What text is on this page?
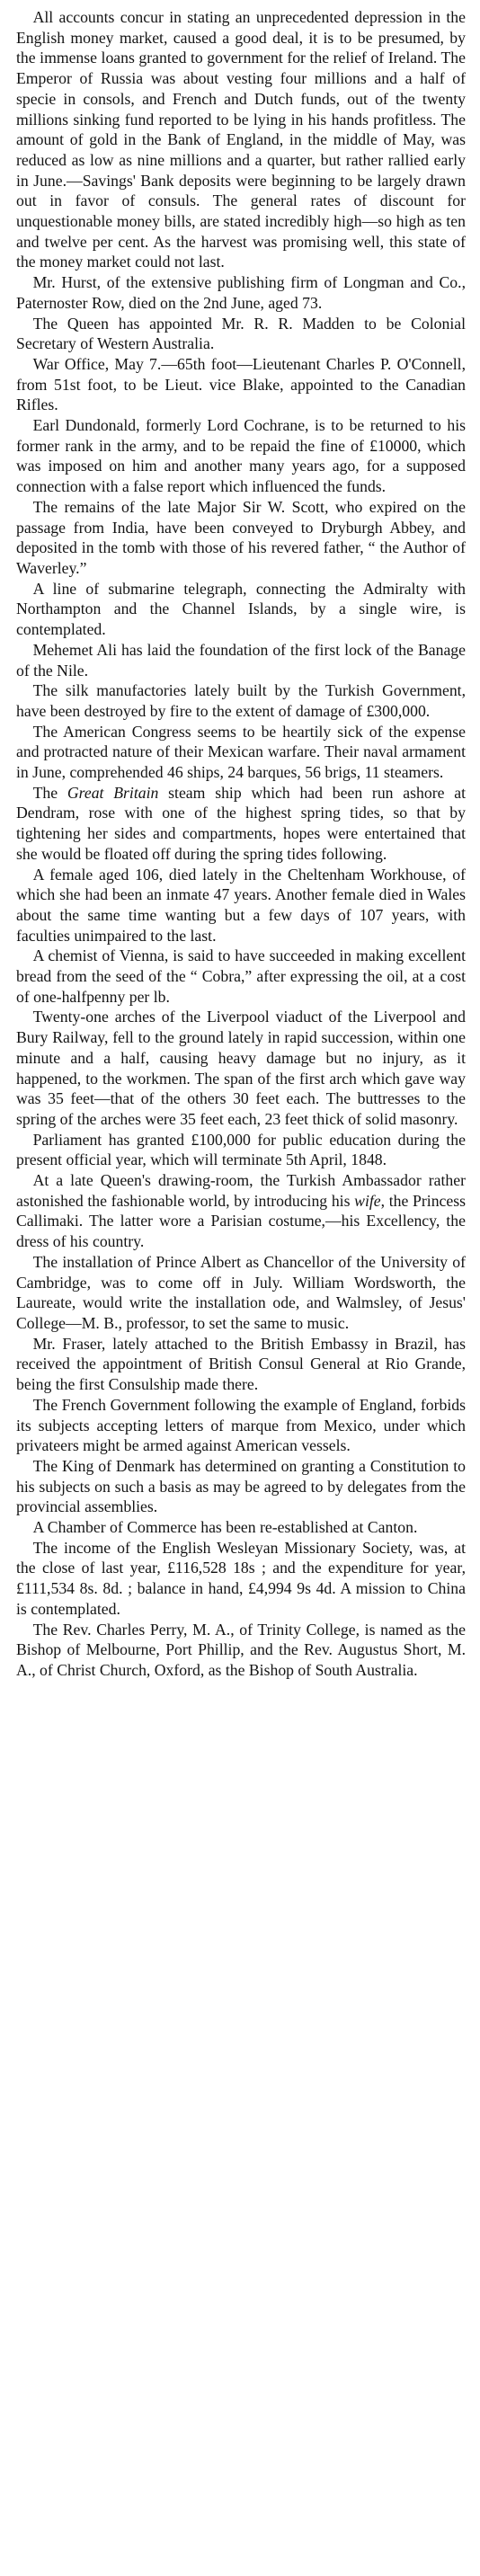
All accounts concur in stating an unprecedented depression in the English money market, caused a good deal, it is to be presumed, by the immense loans granted to government for the relief of Ireland. The Emperor of Russia was about vesting four millions and a half of specie in consols, and French and Dutch funds, out of the twenty millions sinking fund reported to be lying in his hands profitless. The amount of gold in the Bank of England, in the middle of May, was reduced as low as nine millions and a quarter, but rather rallied early in June.—Savings' Bank deposits were beginning to be largely drawn out in favor of consuls. The general rates of discount for unquestionable money bills, are stated incredibly high—so high as ten and twelve per cent. As the harvest was promising well, this state of the money market could not last.

Mr. Hurst, of the extensive publishing firm of Longman and Co., Paternoster Row, died on the 2nd June, aged 73.

The Queen has appointed Mr. R. R. Madden to be Colonial Secretary of Western Australia.

War Office, May 7.—65th foot—Lieutenant Charles P. O'Connell, from 51st foot, to be Lieut. vice Blake, appointed to the Canadian Rifles.

Earl Dundonald, formerly Lord Cochrane, is to be returned to his former rank in the army, and to be repaid the fine of £10000, which was imposed on him and another many years ago, for a supposed connection with a false report which influenced the funds.

The remains of the late Major Sir W. Scott, who expired on the passage from India, have been conveyed to Dryburgh Abbey, and deposited in the tomb with those of his revered father, “ the Author of Waverley.”

A line of submarine telegraph, connecting the Admiralty with Northampton and the Channel Islands, by a single wire, is contemplated.

Mehemet Ali has laid the foundation of the first lock of the Banage of the Nile.

The silk manufactories lately built by the Turkish Government, have been destroyed by fire to the extent of damage of £300,000.

The American Congress seems to be heartily sick of the expense and protracted nature of their Mexican warfare. Their naval armament in June, comprehended 46 ships, 24 barques, 56 brigs, 11 steamers.

The Great Britain steam ship which had been run ashore at Dendram, rose with one of the highest spring tides, so that by tightening her sides and compartments, hopes were entertained that she would be floated off during the spring tides following.

A female aged 106, died lately in the Cheltenham Workhouse, of which she had been an inmate 47 years. Another female died in Wales about the same time wanting but a few days of 107 years, with faculties unimpaired to the last.

A chemist of Vienna, is said to have succeeded in making excellent bread from the seed of the “ Cobra,” after expressing the oil, at a cost of one-halfpenny per lb.

Twenty-one arches of the Liverpool viaduct of the Liverpool and Bury Railway, fell to the ground lately in rapid succession, within one minute and a half, causing heavy damage but no injury, as it happened, to the workmen. The span of the first arch which gave way was 35 feet—that of the others 30 feet each. The buttresses to the spring of the arches were 35 feet each, 23 feet thick of solid masonry.

Parliament has granted £100,000 for public education during the present official year, which will terminate 5th April, 1848.

At a late Queen's drawing-room, the Turkish Ambassador rather astonished the fashionable world, by introducing his wife, the Princess Callimaki. The latter wore a Parisian costume,—his Excellency, the dress of his country.

The installation of Prince Albert as Chancellor of the University of Cambridge, was to come off in July. William Wordsworth, the Laureate, would write the installation ode, and Walmsley, of Jesus' College—M. B., professor, to set the same to music.

Mr. Fraser, lately attached to the British Embassy in Brazil, has received the appointment of British Consul General at Rio Grande, being the first Consulship made there.

The French Government following the example of England, forbids its subjects accepting letters of marque from Mexico, under which privateers might be armed against American vessels.

The King of Denmark has determined on granting a Constitution to his subjects on such a basis as may be agreed to by delegates from the provincial assemblies.

A Chamber of Commerce has been re-established at Canton.

The income of the English Wesleyan Missionary Society, was, at the close of last year, £116,528 18s ; and the expenditure for year, £111,534 8s. 8d. ; balance in hand, £4,994 9s 4d. A mission to China is contemplated.

The Rev. Charles Perry, M. A., of Trinity College, is named as the Bishop of Melbourne, Port Phillip, and the Rev. Augustus Short, M. A., of Christ Church, Oxford, as the Bishop of South Australia.
